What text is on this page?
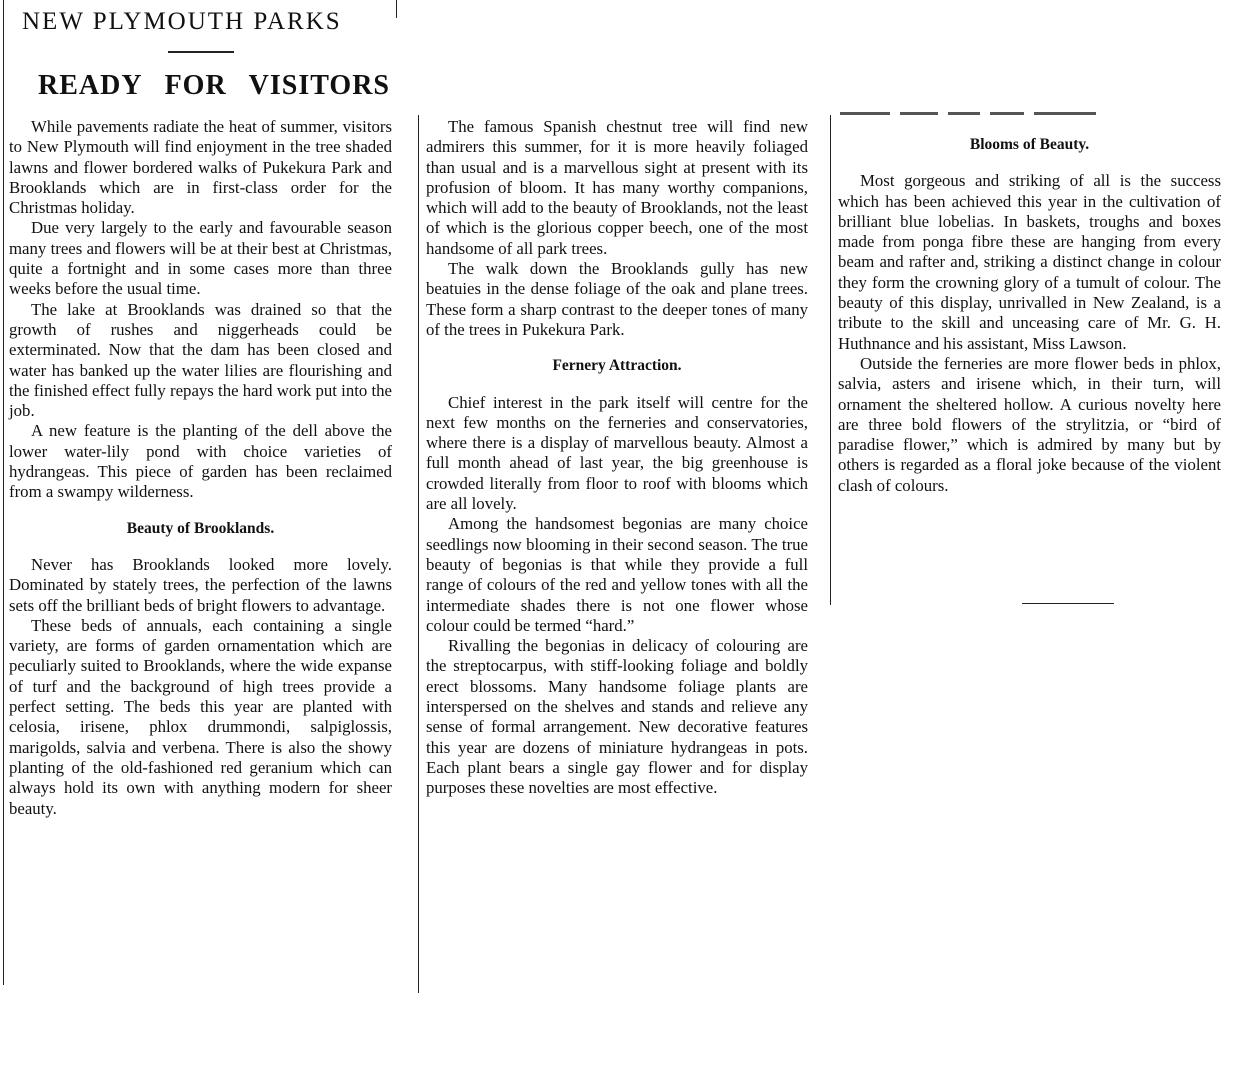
NEW PLYMOUTH PARKS
READY FOR VISITORS

While pavements radiate the heat of summer, visitors to New Plymouth will find enjoyment in the tree shaded lawns and flower bordered walks of Pukekura Park and Brooklands which are in first-class order for the Christmas holiday.

Due very largely to the early and favourable season many trees and flowers will be at their best at Christmas, quite a fortnight and in some cases more than three weeks before the usual time.

The lake at Brooklands was drained so that the growth of rushes and niggerheads could be exterminated. Now that the dam has been closed and water has banked up the water lilies are flourishing and the finished effect fully repays the hard work put into the job.

A new feature is the planting of the dell above the lower water-lily pond with choice varieties of hydrangeas. This piece of garden has been reclaimed from a swampy wilderness.

Beauty of Brooklands.

Never has Brooklands looked more lovely. Dominated by stately trees, the perfection of the lawns sets off the brilliant beds of bright flowers to advantage.

These beds of annuals, each containing a single variety, are forms of garden ornamentation which are peculiarly suited to Brooklands, where the wide expanse of turf and the background of high trees provide a perfect setting. The beds this year are planted with celosia, irisene, phlox drummondi, salpiglossis, marigolds, salvia and verbena. There is also the showy planting of the old-fashioned red geranium which can always hold its own with anything modern for sheer beauty.

The famous Spanish chestnut tree will find new admirers this summer, for it is more heavily foliaged than usual and is a marvellous sight at present with its profusion of bloom. It has many worthy companions, which will add to the beauty of Brooklands, not the least of which is the glorious copper beech, one of the most handsome of all park trees.

The walk down the Brooklands gully has new beatuies in the dense foliage of the oak and plane trees. These form a sharp contrast to the deeper tones of many of the trees in Pukekura Park.

Fernery Attraction.

Chief interest in the park itself will centre for the next few months on the ferneries and conservatories, where there is a display of marvellous beauty. Almost a full month ahead of last year, the big greenhouse is crowded literally from floor to roof with blooms which are all lovely.

Among the handsomest begonias are many choice seedlings now blooming in their second season. The true beauty of begonias is that while they provide a full range of colours of the red and yellow tones with all the intermediate shades there is not one flower whose colour could be termed “hard.”

Rivalling the begonias in delicacy of colouring are the streptocarpus, with stiff-looking foliage and boldly erect blossoms. Many handsome foliage plants are interspersed on the shelves and stands and relieve any sense of formal arrangement. New decorative features this year are dozens of miniature hydrangeas in pots. Each plant bears a single gay flower and for display purposes these novelties are most effective.

Blooms of Beauty.

Most gorgeous and striking of all is the success which has been achieved this year in the cultivation of brilliant blue lobelias. In baskets, troughs and boxes made from ponga fibre these are hanging from every beam and rafter and, striking a distinct change in colour they form the crowning glory of a tumult of colour. The beauty of this display, unrivalled in New Zealand, is a tribute to the skill and unceasing care of Mr. G. H. Huthnance and his assistant, Miss Lawson.

Outside the ferneries are more flower beds in phlox, salvia, asters and irisene which, in their turn, will ornament the sheltered hollow. A curious novelty here are three bold flowers of the strylitzia, or “bird of paradise flower,” which is admired by many but by others is regarded as a floral joke because of the violent clash of colours.
